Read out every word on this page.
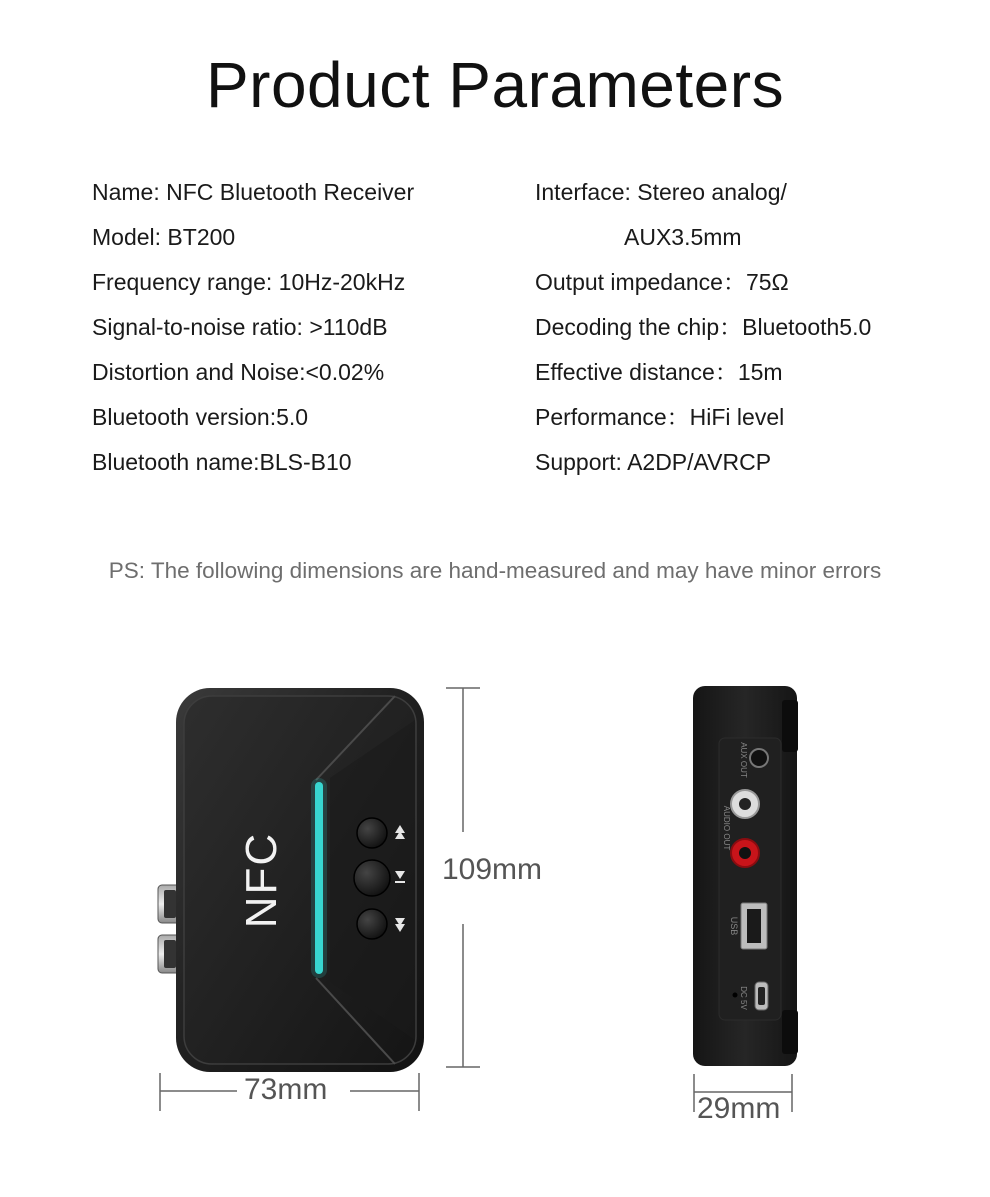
Product Parameters
Name: NFC Bluetooth Receiver
Model: BT200
Frequency range: 10Hz-20kHz
Signal-to-noise ratio: >110dB
Distortion and Noise:<0.02%
Bluetooth version:5.0
Bluetooth name:BLS-B10
Interface: Stereo analog/
AUX3.5mm
Output impedance：75Ω
Decoding the chip：Bluetooth5.0
Effective distance：15m
Performance：HiFi level
Support: A2DP/AVRCP
PS: The following dimensions are hand-measured and may have minor errors
NFC
AUX OUT
AUDIO OUT
USB
DC 5V
109mm
73mm
29mm
